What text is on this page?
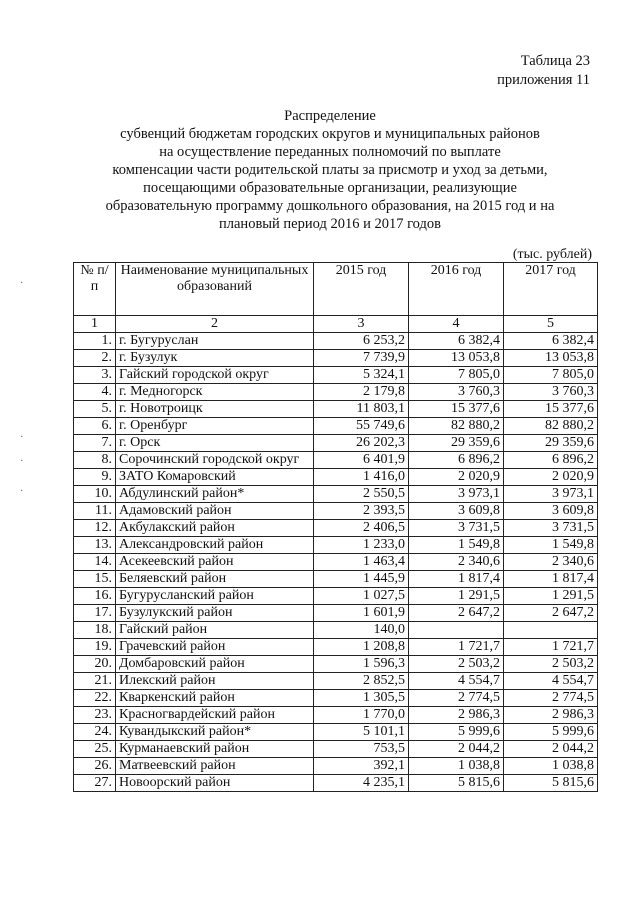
·
·
·
·
Таблица 23
приложения 11
Распределение
субвенций бюджетам городских округов и муниципальных районов
на осуществление переданных полномочий по выплате
компенсации части родительской платы за присмотр и уход за детьми,
посещающими образовательные организации, реализующие
образовательную программу дошкольного образования, на 2015 год и на
плановый период 2016 и 2017 годов
(тыс. рублей)
№ п/п	Наименование муниципальных образований	2015 год	2016 год	2017 год
1	2	3	4	5
1.	г. Бугуруслан	6 253,2	6 382,4	6 382,4
2.	г. Бузулук	7 739,9	13 053,8	13 053,8
3.	Гайский городской округ	5 324,1	7 805,0	7 805,0
4.	г. Медногорск	2 179,8	3 760,3	3 760,3
5.	г. Новотроицк	11 803,1	15 377,6	15 377,6
6.	г. Оренбург	55 749,6	82 880,2	82 880,2
7.	г. Орск	26 202,3	29 359,6	29 359,6
8.	Сорочинский городской округ	6 401,9	6 896,2	6 896,2
9.	ЗАТО Комаровский	1 416,0	2 020,9	2 020,9
10.	Абдулинский район*	2 550,5	3 973,1	3 973,1
11.	Адамовский район	2 393,5	3 609,8	3 609,8
12.	Акбулакский район	2 406,5	3 731,5	3 731,5
13.	Александровский район	1 233,0	1 549,8	1 549,8
14.	Асекеевский район	1 463,4	2 340,6	2 340,6
15.	Беляевский район	1 445,9	1 817,4	1 817,4
16.	Бугурусланский район	1 027,5	1 291,5	1 291,5
17.	Бузулукский район	1 601,9	2 647,2	2 647,2
18.	Гайский район	140,0		
19.	Грачевский район	1 208,8	1 721,7	1 721,7
20.	Домбаровский район	1 596,3	2 503,2	2 503,2
21.	Илекский район	2 852,5	4 554,7	4 554,7
22.	Кваркенский район	1 305,5	2 774,5	2 774,5
23.	Красногвардейский район	1 770,0	2 986,3	2 986,3
24.	Кувандыкский район*	5 101,1	5 999,6	5 999,6
25.	Курманаевский район	753,5	2 044,2	2 044,2
26.	Матвеевский район	392,1	1 038,8	1 038,8
27.	Новоорский район	4 235,1	5 815,6	5 815,6
